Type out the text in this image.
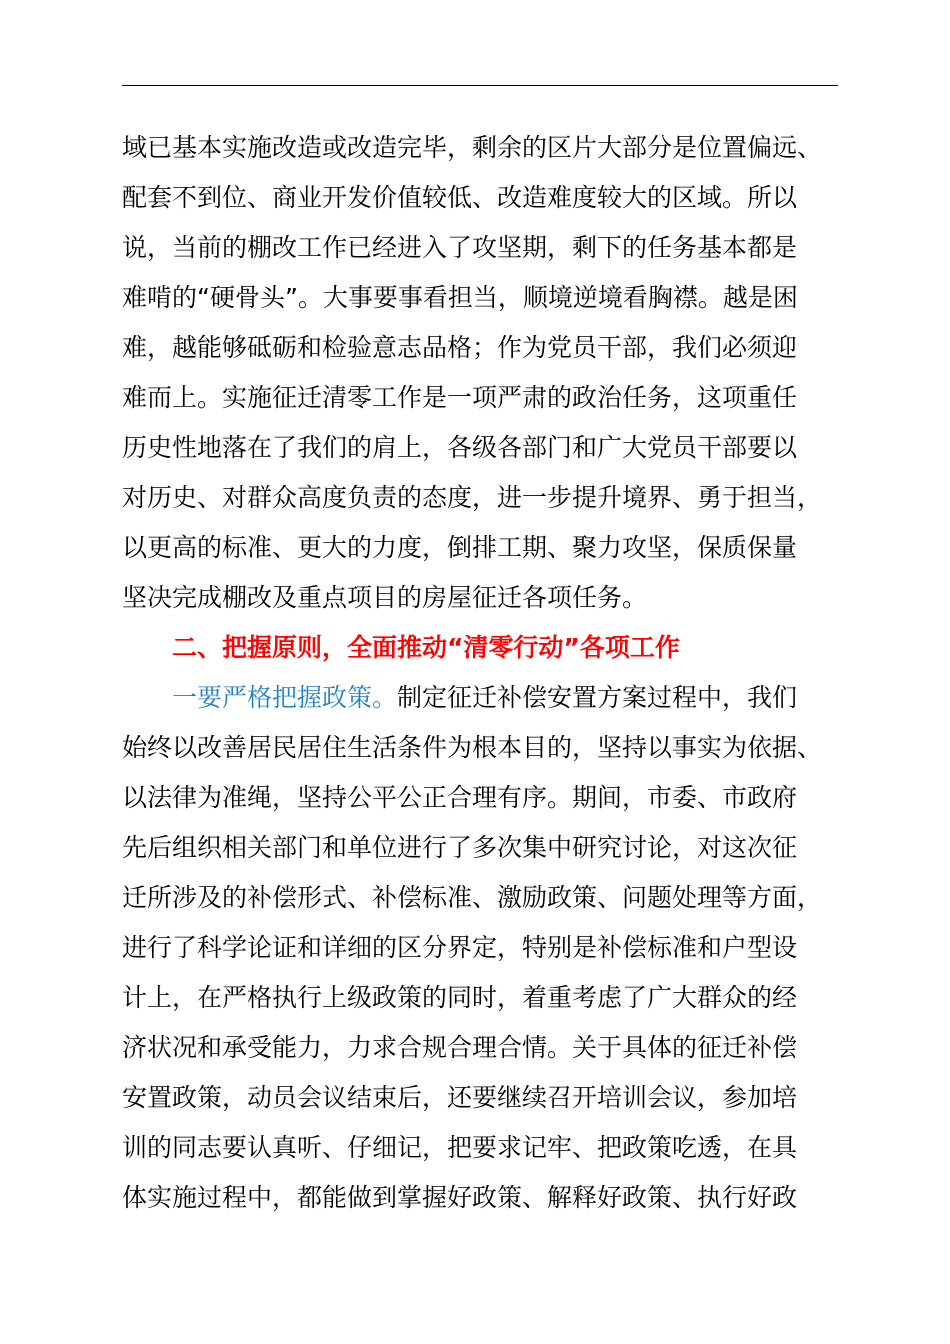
域已基本实施改造或改造完毕，剩余的区片大部分是位置偏远、
配套不到位、商业开发价值较低、改造难度较大的区域。所以
说，当前的棚改工作已经进入了攻坚期，剩下的任务基本都是
难啃的“硬骨头”。大事要事看担当，顺境逆境看胸襟。越是困
难，越能够砥砺和检验意志品格；作为党员干部，我们必须迎
难而上。实施征迁清零工作是一项严肃的政治任务，这项重任
历史性地落在了我们的肩上，各级各部门和广大党员干部要以
对历史、对群众高度负责的态度，进一步提升境界、勇于担当，
以更高的标准、更大的力度，倒排工期、聚力攻坚，保质保量
坚决完成棚改及重点项目的房屋征迁各项任务。
二、把握原则，全面推动“清零行动”各项工作
一要严格把握政策。制定征迁补偿安置方案过程中，我们
始终以改善居民居住生活条件为根本目的，坚持以事实为依据、
以法律为准绳，坚持公平公正合理有序。期间，市委、市政府
先后组织相关部门和单位进行了多次集中研究讨论，对这次征
迁所涉及的补偿形式、补偿标准、激励政策、问题处理等方面，
进行了科学论证和详细的区分界定，特别是补偿标准和户型设
计上，在严格执行上级政策的同时，着重考虑了广大群众的经
济状况和承受能力，力求合规合理合情。关于具体的征迁补偿
安置政策，动员会议结束后，还要继续召开培训会议，参加培
训的同志要认真听、仔细记，把要求记牢、把政策吃透，在具
体实施过程中，都能做到掌握好政策、解释好政策、执行好政
